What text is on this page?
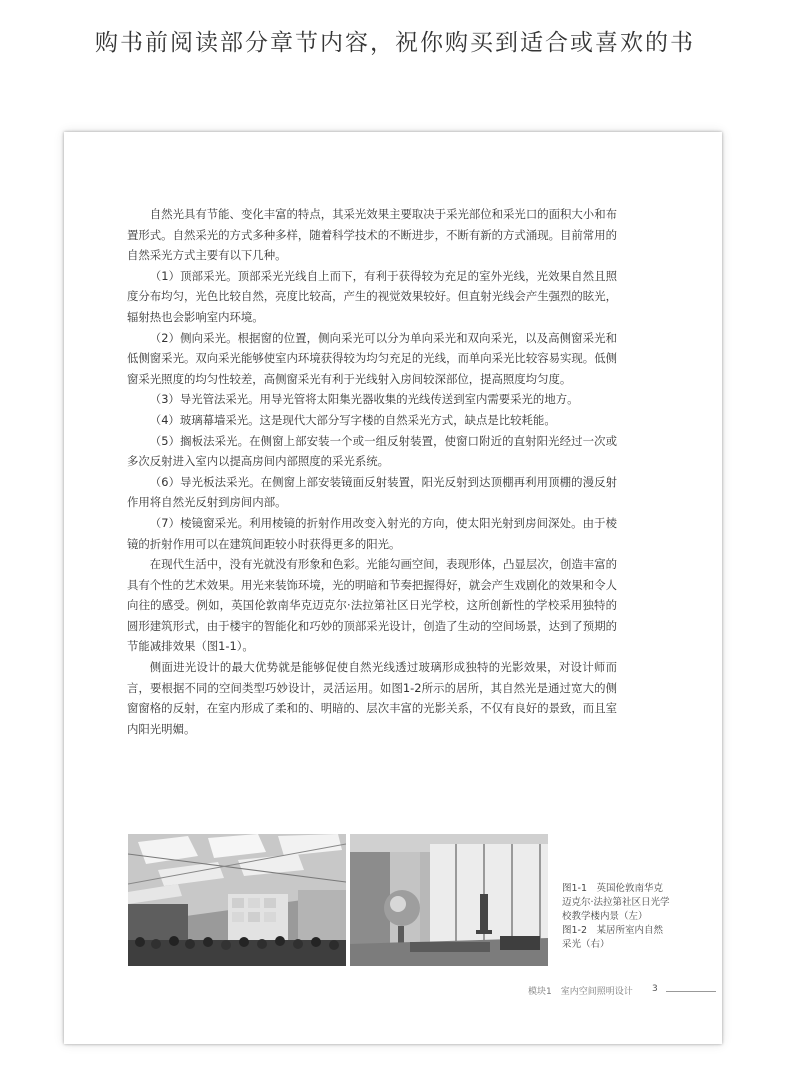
购书前阅读部分章节内容，祝你购买到适合或喜欢的书

自然光具有节能、变化丰富的特点，其采光效果主要取决于采光部位和采光口的面积大小和布置形式。自然采光的方式多种多样，随着科学技术的不断进步，不断有新的方式涌现。目前常用的自然采光方式主要有以下几种。

（1）顶部采光。顶部采光光线自上而下，有利于获得较为充足的室外光线，光效果自然且照度分布均匀，光色比较自然，亮度比较高，产生的视觉效果较好。但直射光线会产生强烈的眩光，辐射热也会影响室内环境。

（2）侧向采光。根据窗的位置，侧向采光可以分为单向采光和双向采光，以及高侧窗采光和低侧窗采光。双向采光能够使室内环境获得较为均匀充足的光线，而单向采光比较容易实现。低侧窗采光照度的均匀性较差，高侧窗采光有利于光线射入房间较深部位，提高照度均匀度。

（3）导光管法采光。用导光管将太阳集光器收集的光线传送到室内需要采光的地方。

（4）玻璃幕墙采光。这是现代大部分写字楼的自然采光方式，缺点是比较耗能。

（5）搁板法采光。在侧窗上部安装一个或一组反射装置，使窗口附近的直射阳光经过一次或多次反射进入室内以提高房间内部照度的采光系统。

（6）导光板法采光。在侧窗上部安装镜面反射装置，阳光反射到达顶棚再利用顶棚的漫反射作用将自然光反射到房间内部。

（7）棱镜窗采光。利用棱镜的折射作用改变入射光的方向，使太阳光射到房间深处。由于棱镜的折射作用可以在建筑间距较小时获得更多的阳光。

在现代生活中，没有光就没有形象和色彩。光能勾画空间，表现形体，凸显层次，创造丰富的具有个性的艺术效果。用光来装饰环境，光的明暗和节奏把握得好，就会产生戏剧化的效果和令人向往的感受。例如，英国伦敦南华克迈克尔·法拉第社区日光学校，这所创新性的学校采用独特的圆形建筑形式，由于楼宇的智能化和巧妙的顶部采光设计，创造了生动的空间场景，达到了预期的节能减排效果（图1-1）。

侧面进光设计的最大优势就是能够促使自然光线透过玻璃形成独特的光影效果，对设计师而言，要根据不同的空间类型巧妙设计，灵活运用。如图1-2所示的居所，其自然光是通过宽大的侧窗窗格的反射，在室内形成了柔和的、明暗的、层次丰富的光影关系，不仅有良好的景致，而且室内阳光明媚。

图1-1　英国伦敦南华克迈克尔·法拉第社区日光学校教学楼内景（左）
图1-2　某居所室内自然采光（右）
模块1　室内空间照明设计 3
